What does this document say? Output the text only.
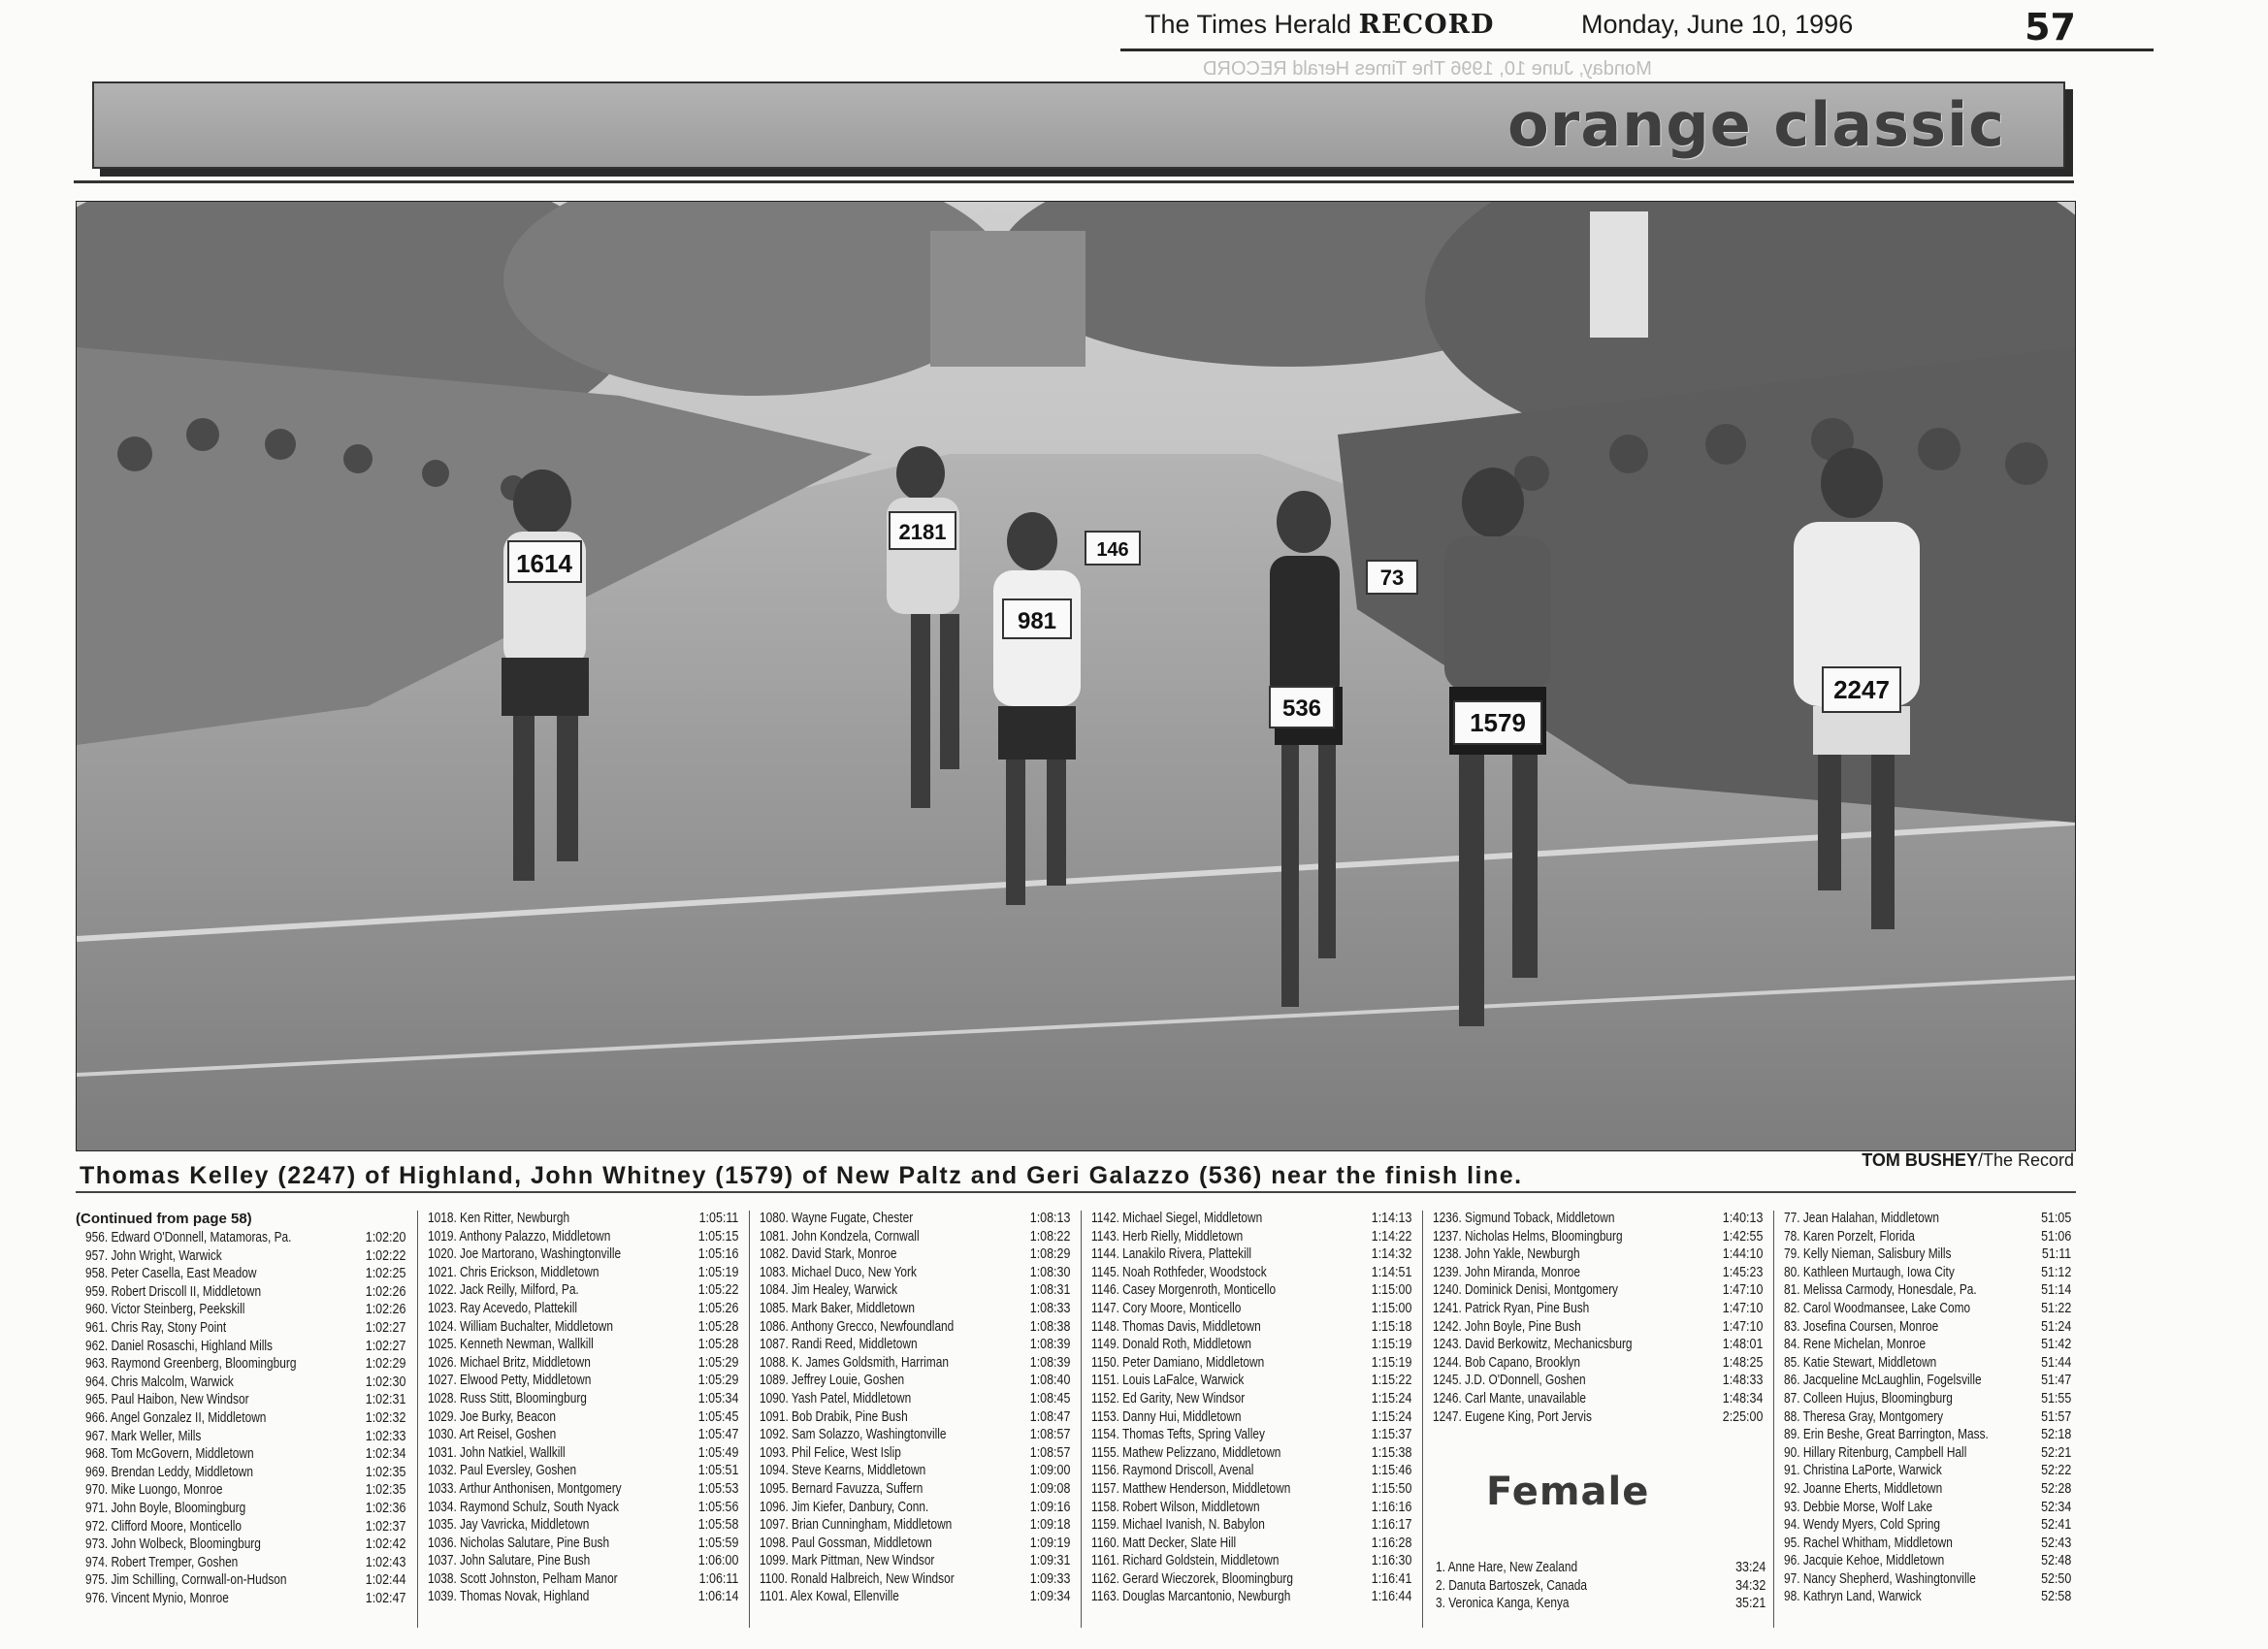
The Times Herald RECORD	Monday, June 10, 1996	57
Monday, June 10, 1996 The Times Herald RECORD
orange classic
1614
2181
981
146
536	1579
2247
73
TOM BUSHEY/The Record
Thomas Kelley (2247) of Highland, John Whitney (1579) of New Paltz and Geri Galazzo (536) near the finish line.
(Continued from page 58)
956. Edward O'Donnell, Matamoras, Pa.	1:02:20
957. John Wright, Warwick	1:02:22
958. Peter Casella, East Meadow	1:02:25
959. Robert Driscoll II, Middletown	1:02:26
960. Victor Steinberg, Peekskill	1:02:26
961. Chris Ray, Stony Point	1:02:27
962. Daniel Rosaschi, Highland Mills	1:02:27
963. Raymond Greenberg, Bloomingburg	1:02:29
964. Chris Malcolm, Warwick	1:02:30
965. Paul Haibon, New Windsor	1:02:31
966. Angel Gonzalez II, Middletown	1:02:32
967. Mark Weller, Mills	1:02:33
968. Tom McGovern, Middletown	1:02:34
969. Brendan Leddy, Middletown	1:02:35
970. Mike Luongo, Monroe	1:02:35
971. John Boyle, Bloomingburg	1:02:36
972. Clifford Moore, Monticello	1:02:37
973. John Wolbeck, Bloomingburg	1:02:42
974. Robert Tremper, Goshen	1:02:43
975. Jim Schilling, Cornwall-on-Hudson	1:02:44
976. Vincent Mynio, Monroe	1:02:47
1018. Ken Ritter, Newburgh	1:05:11
1019. Anthony Palazzo, Middletown	1:05:15
1020. Joe Martorano, Washingtonville	1:05:16
1021. Chris Erickson, Middletown	1:05:19
1022. Jack Reilly, Milford, Pa.	1:05:22
1023. Ray Acevedo, Plattekill	1:05:26
1024. William Buchalter, Middletown	1:05:28
1025. Kenneth Newman, Wallkill	1:05:28
1026. Michael Britz, Middletown	1:05:29
1027. Elwood Petty, Middletown	1:05:29
1028. Russ Stitt, Bloomingburg	1:05:34
1029. Joe Burky, Beacon	1:05:45
1030. Art Reisel, Goshen	1:05:47
1031. John Natkiel, Wallkill	1:05:49
1032. Paul Eversley, Goshen	1:05:51
1033. Arthur Anthonisen, Montgomery	1:05:53
1034. Raymond Schulz, South Nyack	1:05:56
1035. Jay Vavricka, Middletown	1:05:58
1036. Nicholas Salutare, Pine Bush	1:05:59
1037. John Salutare, Pine Bush	1:06:00
1038. Scott Johnston, Pelham Manor	1:06:11
1039. Thomas Novak, Highland	1:06:14
1080. Wayne Fugate, Chester	1:08:13
1081. John Kondzela, Cornwall	1:08:22
1082. David Stark, Monroe	1:08:29
1083. Michael Duco, New York	1:08:30
1084. Jim Healey, Warwick	1:08:31
1085. Mark Baker, Middletown	1:08:33
1086. Anthony Grecco, Newfoundland	1:08:38
1087. Randi Reed, Middletown	1:08:39
1088. K. James Goldsmith, Harriman	1:08:39
1089. Jeffrey Louie, Goshen	1:08:40
1090. Yash Patel, Middletown	1:08:45
1091. Bob Drabik, Pine Bush	1:08:47
1092. Sam Solazzo, Washingtonville	1:08:57
1093. Phil Felice, West Islip	1:08:57
1094. Steve Kearns, Middletown	1:09:00
1095. Bernard Favuzza, Suffern	1:09:08
1096. Jim Kiefer, Danbury, Conn.	1:09:16
1097. Brian Cunningham, Middletown	1:09:18
1098. Paul Gossman, Middletown	1:09:19
1099. Mark Pittman, New Windsor	1:09:31
1100. Ronald Halbreich, New Windsor	1:09:33
1101. Alex Kowal, Ellenville	1:09:34
1142. Michael Siegel, Middletown	1:14:13
1143. Herb Rielly, Middletown	1:14:22
1144. Lanakilo Rivera, Plattekill	1:14:32
1145. Noah Rothfeder, Woodstock	1:14:51
1146. Casey Morgenroth, Monticello	1:15:00
1147. Cory Moore, Monticello	1:15:00
1148. Thomas Davis, Middletown	1:15:18
1149. Donald Roth, Middletown	1:15:19
1150. Peter Damiano, Middletown	1:15:19
1151. Louis LaFalce, Warwick	1:15:22
1152. Ed Garity, New Windsor	1:15:24
1153. Danny Hui, Middletown	1:15:24
1154. Thomas Tefts, Spring Valley	1:15:37
1155. Mathew Pelizzano, Middletown	1:15:38
1156. Raymond Driscoll, Avenal	1:15:46
1157. Matthew Henderson, Middletown	1:15:50
1158. Robert Wilson, Middletown	1:16:16
1159. Michael Ivanish, N. Babylon	1:16:17
1160. Matt Decker, Slate Hill	1:16:28
1161. Richard Goldstein, Middletown	1:16:30
1162. Gerard Wieczorek, Bloomingburg	1:16:41
1163. Douglas Marcantonio, Newburgh	1:16:44
1236. Sigmund Toback, Middletown	1:40:13
1237. Nicholas Helms, Bloomingburg	1:42:55
1238. John Yakle, Newburgh	1:44:10
1239. John Miranda, Monroe	1:45:23
1240. Dominick Denisi, Montgomery	1:47:10
1241. Patrick Ryan, Pine Bush	1:47:10
1242. John Boyle, Pine Bush	1:47:10
1243. David Berkowitz, Mechanicsburg	1:48:01
1244. Bob Capano, Brooklyn	1:48:25
1245. J.D. O'Donnell, Goshen	1:48:33
1246. Carl Mante, unavailable	1:48:34
1247. Eugene King, Port Jervis	2:25:00
77. Jean Halahan, Middletown	51:05
78. Karen Porzelt, Florida	51:06
79. Kelly Nieman, Salisbury Mills	51:11
80. Kathleen Murtaugh, Iowa City	51:12
81. Melissa Carmody, Honesdale, Pa.	51:14
82. Carol Woodmansee, Lake Como	51:22
83. Josefina Coursen, Monroe	51:24
84. Rene Michelan, Monroe	51:42
85. Katie Stewart, Middletown	51:44
86. Jacqueline McLaughlin, Fogelsville	51:47
87. Colleen Hujus, Bloomingburg	51:55
88. Theresa Gray, Montgomery	51:57
89. Erin Beshe, Great Barrington, Mass.	52:18
90. Hillary Ritenburg, Campbell Hall	52:21
91. Christina LaPorte, Warwick	52:22
92. Joanne Eherts, Middletown	52:28
93. Debbie Morse, Wolf Lake	52:34
94. Wendy Myers, Cold Spring	52:41
95. Rachel Whitham, Middletown	52:43
96. Jacquie Kehoe, Middletown	52:48
97. Nancy Shepherd, Washingtonville	52:50
98. Kathryn Land, Warwick	52:58
Female
1. Anne Hare, New Zealand	33:24
2. Danuta Bartoszek, Canada	34:32
3. Veronica Kanga, Kenya	35:21
